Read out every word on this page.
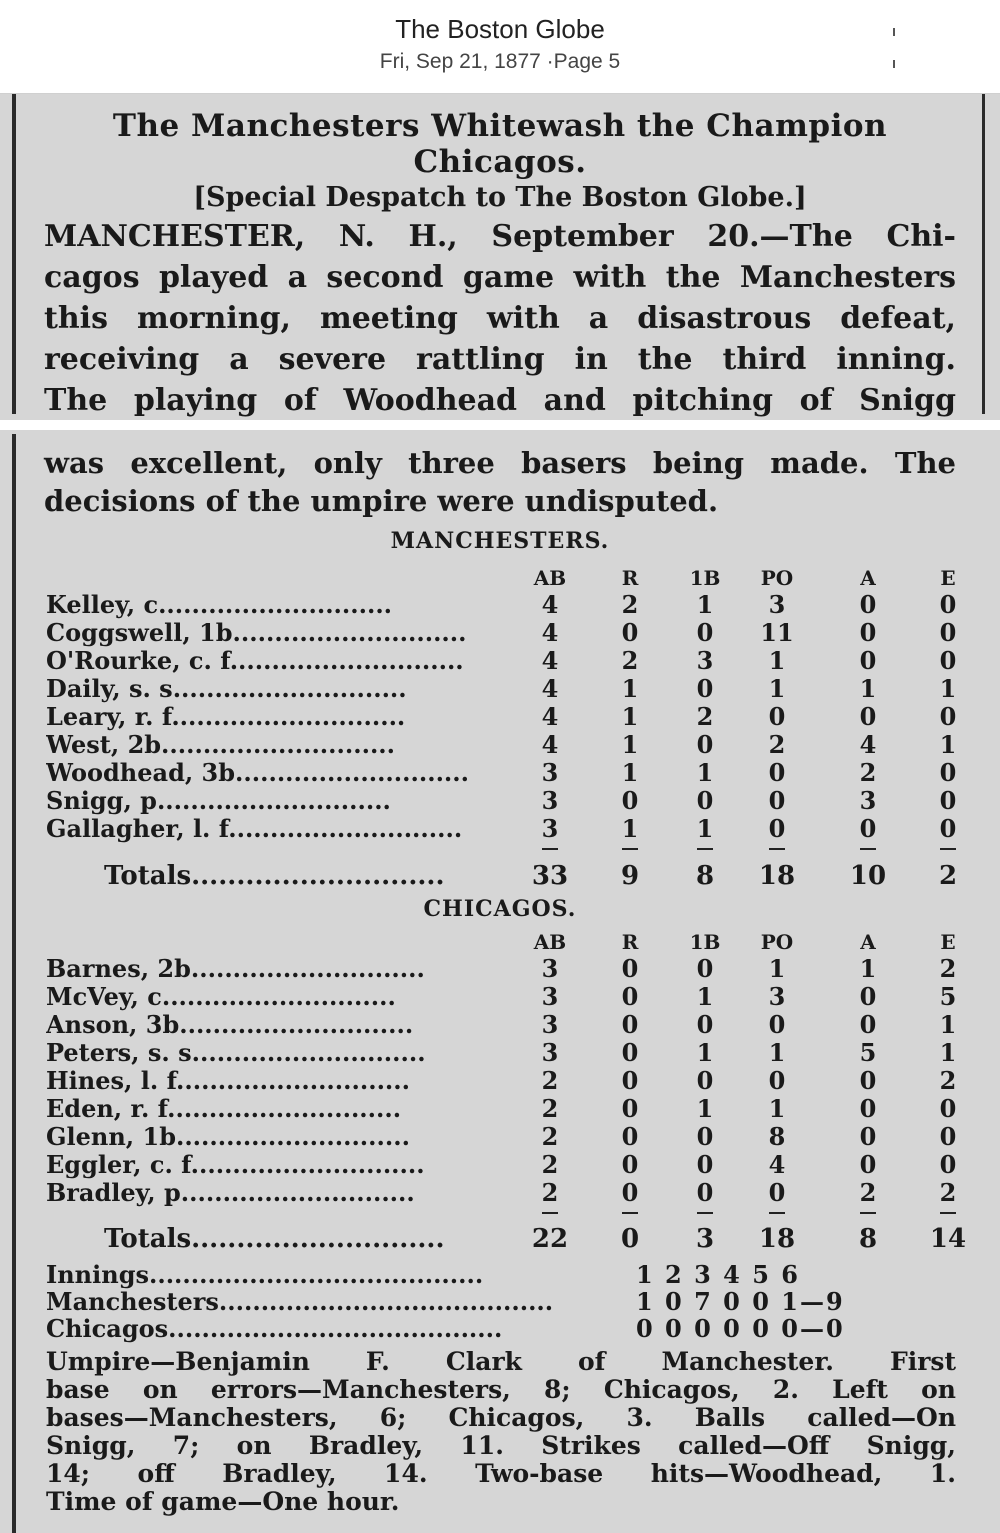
The Boston Globe
Fri, Sep 21, 1877 ·Page 5
The Manchesters Whitewash the Champion
Chicagos.
[Special Despatch to The Boston Globe.]
MANCHESTER, N. H., September 20.—The Chi-
cagos played a second game with the Manchesters
this morning, meeting with a disastrous defeat,
receiving a severe rattling in the third inning.
The playing of Woodhead and pitching of Snigg
was excellent, only three basers being made. The
decisions of the umpire were undisputed.
MANCHESTERS.
AB	R	1B	PO	A	E
Kelley, c............................	4	2	1	3	0	0
Coggswell, 1b............................	4	0	0	11	0	0
O'Rourke, c. f............................	4	2	3	1	0	0
Daily, s. s............................	4	1	0	1	1	1
Leary, r. f............................	4	1	2	0	0	0
West, 2b............................	4	1	0	2	4	1
Woodhead, 3b............................	3	1	1	0	2	0
Snigg, p............................	3	0	0	0	3	0
Gallagher, l. f............................	3	1	1	0	0	0
Totals............................	33	9	8	18	10	2
CHICAGOS.
AB	R	1B	PO	A	E
Barnes, 2b............................	3	0	0	1	1	2
McVey, c............................	3	0	1	3	0	5
Anson, 3b............................	3	0	0	0	0	1
Peters, s. s............................	3	0	1	1	5	1
Hines, l. f............................	2	0	0	0	0	2
Eden, r. f............................	2	0	1	1	0	0
Glenn, 1b............................	2	0	0	8	0	0
Eggler, c. f............................	2	0	0	4	0	0
Bradley, p............................	2	0	0	0	2	2
Totals............................	22	0	3	18	8	14
Innings........................................	1 2 3 4 5 6
Manchesters........................................	1 0 7 0 0 1—9
Chicagos........................................	0 0 0 0 0 0—0
Umpire—Benjamin F. Clark of Manchester. First
base on errors—Manchesters, 8; Chicagos, 2. Left on
bases—Manchesters, 6; Chicagos, 3. Balls called—On
Snigg, 7; on Bradley, 11. Strikes called—Off Snigg,
14; off Bradley, 14. Two-base hits—Woodhead, 1.
Time of game—One hour.
